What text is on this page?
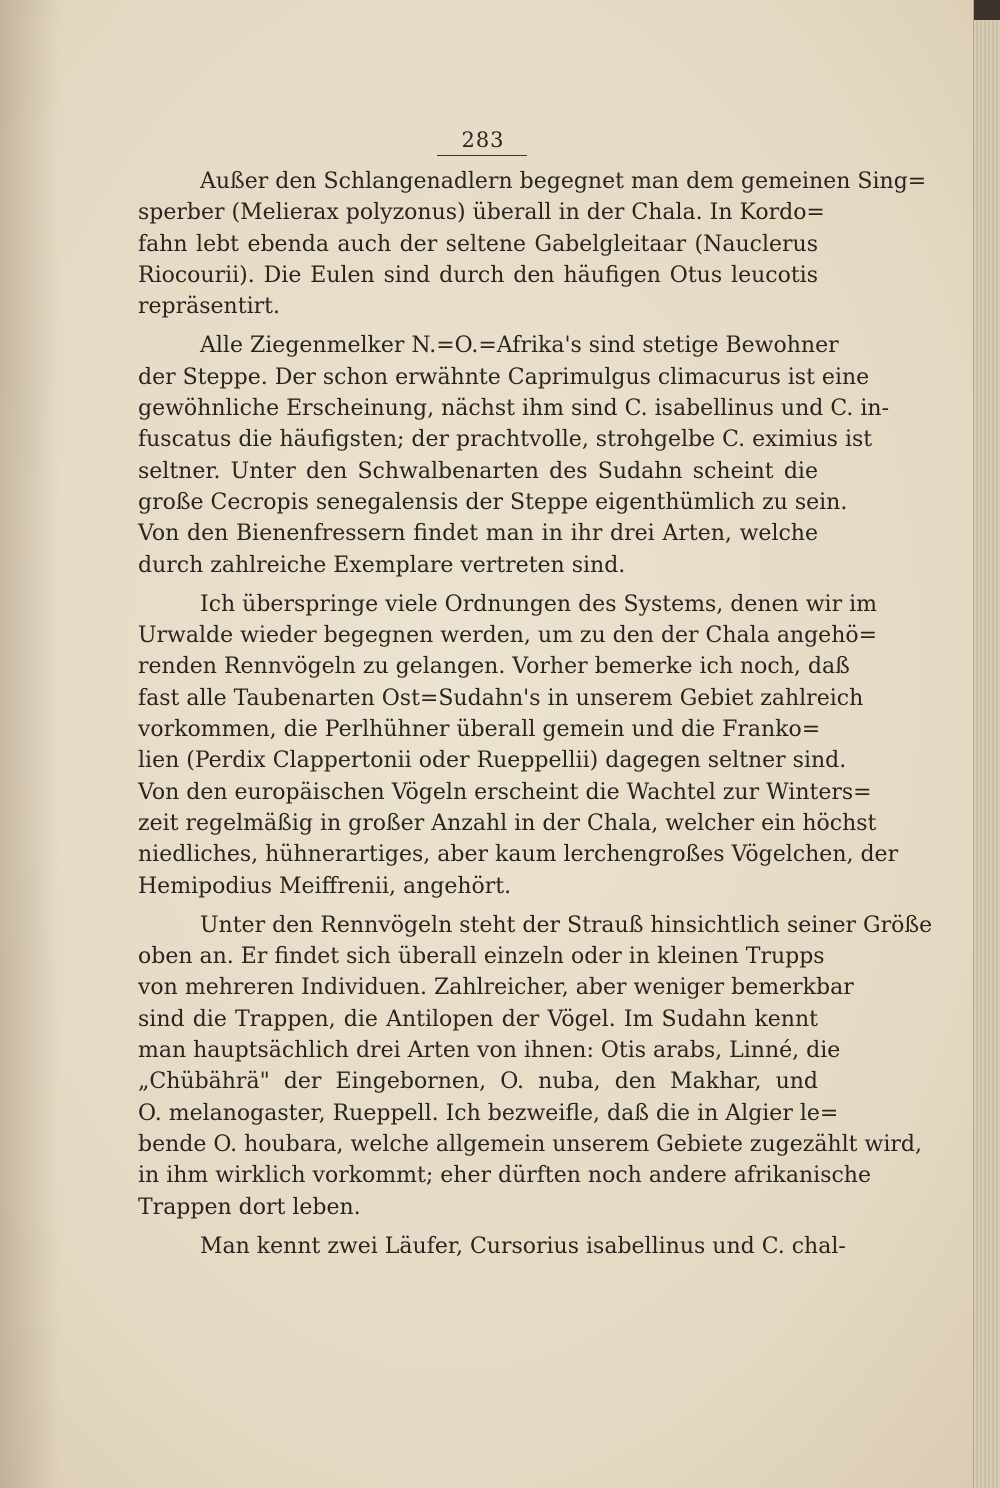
283
Außer den Schlangenadlern begegnet man dem gemeinen Sing=
sperber (Melierax polyzonus) überall in der Chala. In Kordo=
fahn lebt ebenda auch der seltene Gabelgleitaar (Nauclerus
Riocourii). Die Eulen sind durch den häufigen Otus leucotis
repräsentirt.
Alle Ziegenmelker N.=O.=Afrika's sind stetige Bewohner
der Steppe. Der schon erwähnte Caprimulgus climacurus ist eine
gewöhnliche Erscheinung, nächst ihm sind C. isabellinus und C. in-
fuscatus die häufigsten; der prachtvolle, strohgelbe C. eximius ist
seltner. Unter den Schwalbenarten des Sudahn scheint die
große Cecropis senegalensis der Steppe eigenthümlich zu sein.
Von den Bienenfressern findet man in ihr drei Arten, welche
durch zahlreiche Exemplare vertreten sind.
Ich überspringe viele Ordnungen des Systems, denen wir im
Urwalde wieder begegnen werden, um zu den der Chala angehö=
renden Rennvögeln zu gelangen. Vorher bemerke ich noch, daß
fast alle Taubenarten Ost=Sudahn's in unserem Gebiet zahlreich
vorkommen, die Perlhühner überall gemein und die Franko=
lien (Perdix Clappertonii oder Rueppellii) dagegen seltner sind.
Von den europäischen Vögeln erscheint die Wachtel zur Winters=
zeit regelmäßig in großer Anzahl in der Chala, welcher ein höchst
niedliches, hühnerartiges, aber kaum lerchengroßes Vögelchen, der
Hemipodius Meiffrenii, angehört.
Unter den Rennvögeln steht der Strauß hinsichtlich seiner Größe
oben an. Er findet sich überall einzeln oder in kleinen Trupps
von mehreren Individuen. Zahlreicher, aber weniger bemerkbar
sind die Trappen, die Antilopen der Vögel. Im Sudahn kennt
man hauptsächlich drei Arten von ihnen: Otis arabs, Linné, die
„Chübährä" der Eingebornen, O. nuba, den Makhar, und
O. melanogaster, Rueppell. Ich bezweifle, daß die in Algier le=
bende O. houbara, welche allgemein unserem Gebiete zugezählt wird,
in ihm wirklich vorkommt; eher dürften noch andere afrikanische
Trappen dort leben.
Man kennt zwei Läufer, Cursorius isabellinus und C. chal-
